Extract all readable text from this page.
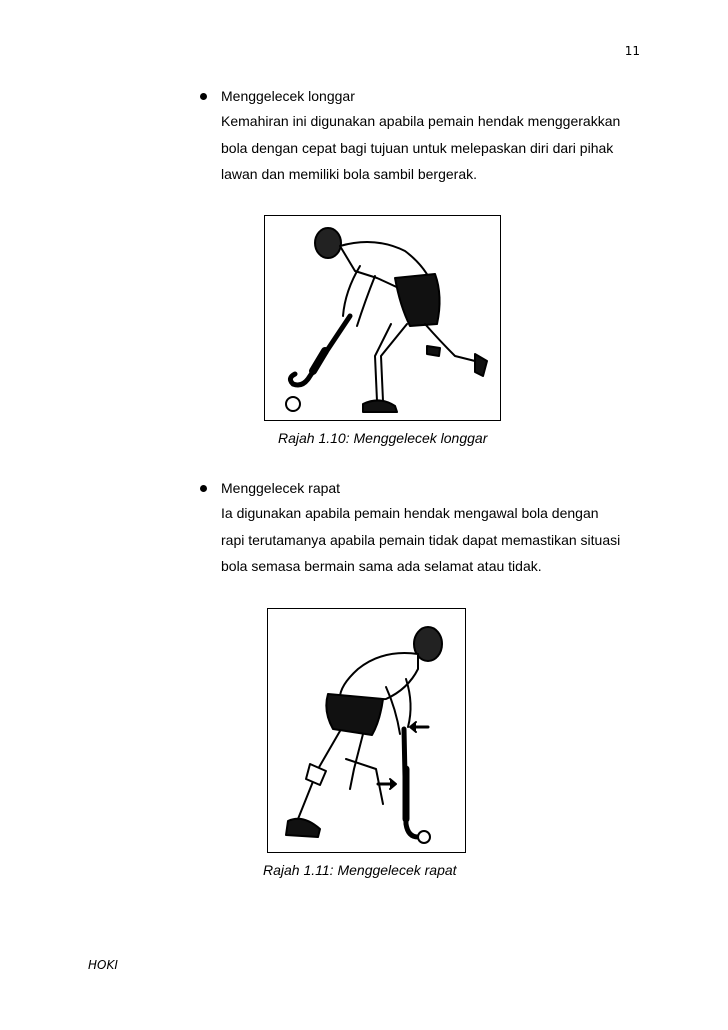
11
Menggelecek longgar
Kemahiran ini digunakan apabila pemain hendak menggerakkan
bola dengan cepat bagi tujuan untuk melepaskan diri dari pihak
lawan dan memiliki bola sambil bergerak.
Rajah 1.10: Menggelecek longgar
Menggelecek rapat
Ia digunakan apabila pemain hendak mengawal bola dengan
rapi terutamanya apabila pemain tidak dapat memastikan situasi
bola semasa bermain sama ada selamat atau tidak.
Rajah 1.11: Menggelecek rapat
HOKI
